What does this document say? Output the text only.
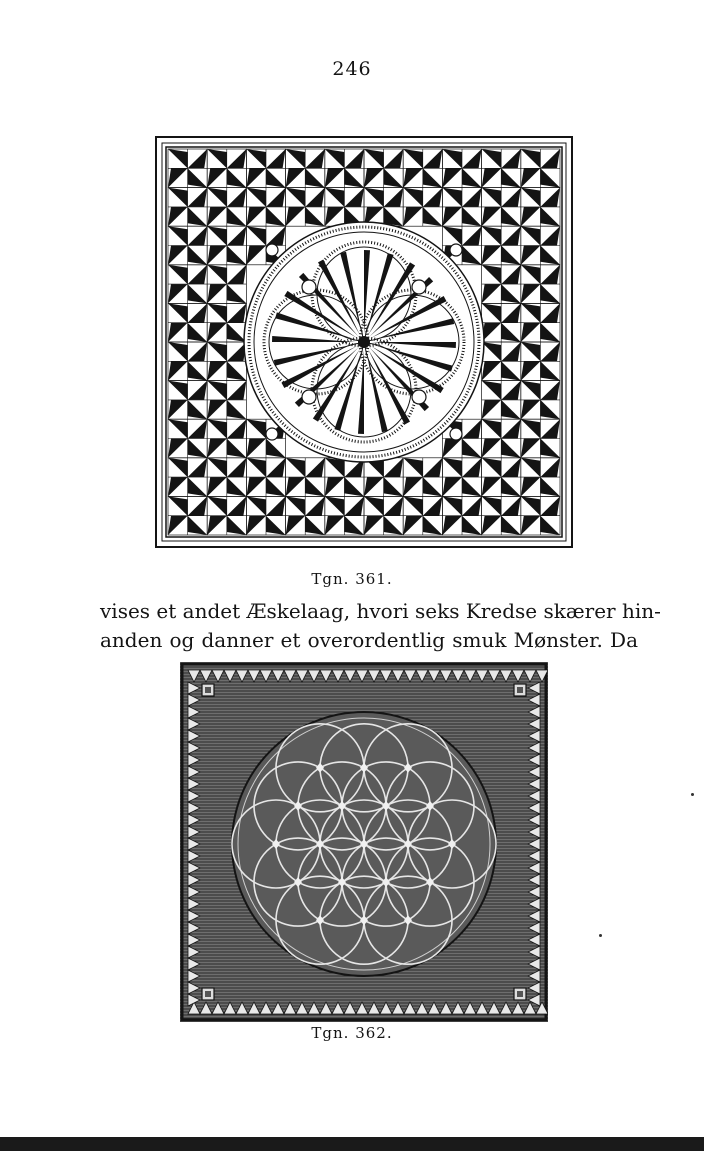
246
Tgn. 361.
vises et andet Æskelaag, hvori seks Kredse skærer hin-
anden og danner et overordentlig smuk Mønster. Da
Tgn. 362.
